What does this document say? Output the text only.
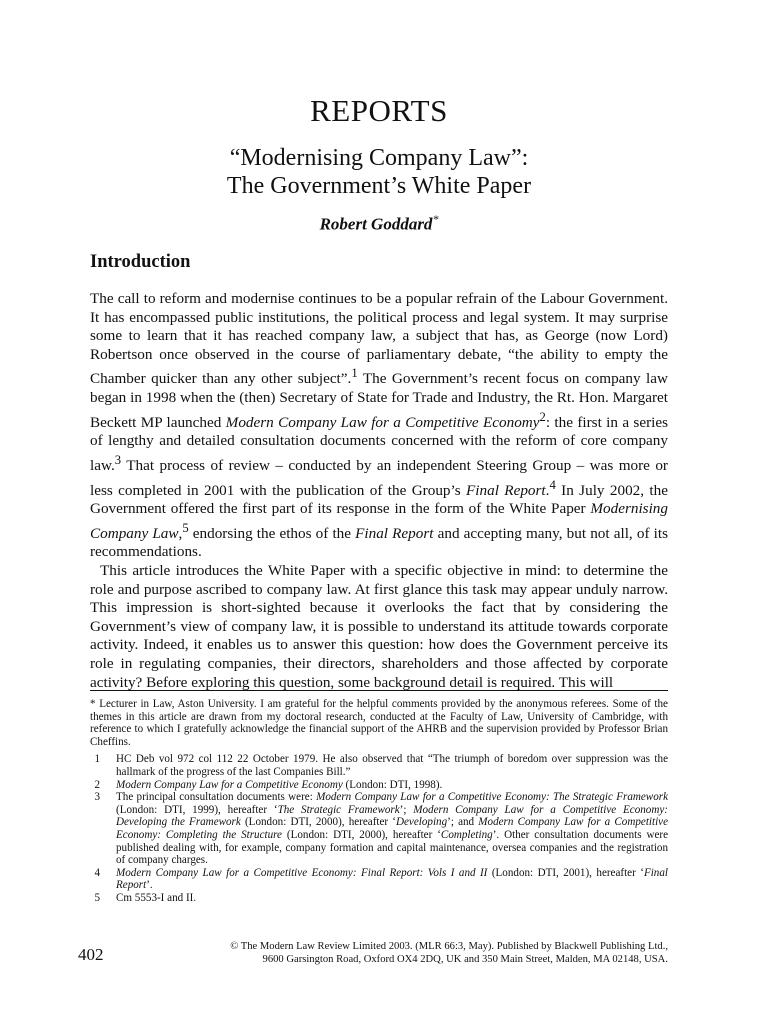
REPORTS
“Modernising Company Law”:
The Government’s White Paper
Robert Goddard*
Introduction

The call to reform and modernise continues to be a popular refrain of the Labour Government. It has encompassed public institutions, the political process and legal system. It may surprise some to learn that it has reached company law, a subject that has, as George (now Lord) Robertson once observed in the course of parliamentary debate, “the ability to empty the Chamber quicker than any other subject”.$^1$ The Government’s recent focus on company law began in 1998 when the (then) Secretary of State for Trade and Industry, the Rt. Hon. Margaret Beckett MP launched Modern Company Law for a Competitive Economy$^2$: the first in a series of lengthy and detailed consultation documents concerned with the reform of core company law.$^3$ That process of review – conducted by an independent Steering Group – was more or less completed in 2001 with the publication of the Group’s Final Report.$^4$ In July 2002, the Government offered the first part of its response in the form of the White Paper Modernising Company Law,$^5$ endorsing the ethos of the Final Report and accepting many, but not all, of its recommendations.

This article introduces the White Paper with a specific objective in mind: to determine the role and purpose ascribed to company law. At first glance this task may appear unduly narrow. This impression is short-sighted because it overlooks the fact that by considering the Government’s view of company law, it is possible to understand its attitude towards corporate activity. Indeed, it enables us to answer this question: how does the Government perceive its role in regulating companies, their directors, shareholders and those affected by corporate activity? Before exploring this question, some background detail is required. This will

* Lecturer in Law, Aston University. I am grateful for the helpful comments provided by the anonymous referees. Some of the themes in this article are drawn from my doctoral research, conducted at the Faculty of Law, University of Cambridge, with reference to which I gratefully acknowledge the financial support of the AHRB and the supervision provided by Professor Brian Cheffins.

1 HC Deb vol 972 col 112 22 October 1979. He also observed that “The triumph of boredom over suppression was the hallmark of the progress of the last Companies Bill.”

2 Modern Company Law for a Competitive Economy (London: DTI, 1998).

3 The principal consultation documents were: Modern Company Law for a Competitive Economy: The Strategic Framework (London: DTI, 1999), hereafter ‘The Strategic Framework’; Modern Company Law for a Competitive Economy: Developing the Framework (London: DTI, 2000), hereafter ‘Developing’; and Modern Company Law for a Competitive Economy: Completing the Structure (London: DTI, 2000), hereafter ‘Completing’. Other consultation documents were published dealing with, for example, company formation and capital maintenance, oversea companies and the registration of company charges.

4 Modern Company Law for a Competitive Economy: Final Report: Vols I and II (London: DTI, 2001), hereafter ‘Final Report’.

5 Cm 5553-I and II.

© The Modern Law Review Limited 2003. (MLR 66:3, May). Published by Blackwell Publishing Ltd.,
9600 Garsington Road, Oxford OX4 2DQ, UK and 350 Main Street, Malden, MA 02148, USA.
402
